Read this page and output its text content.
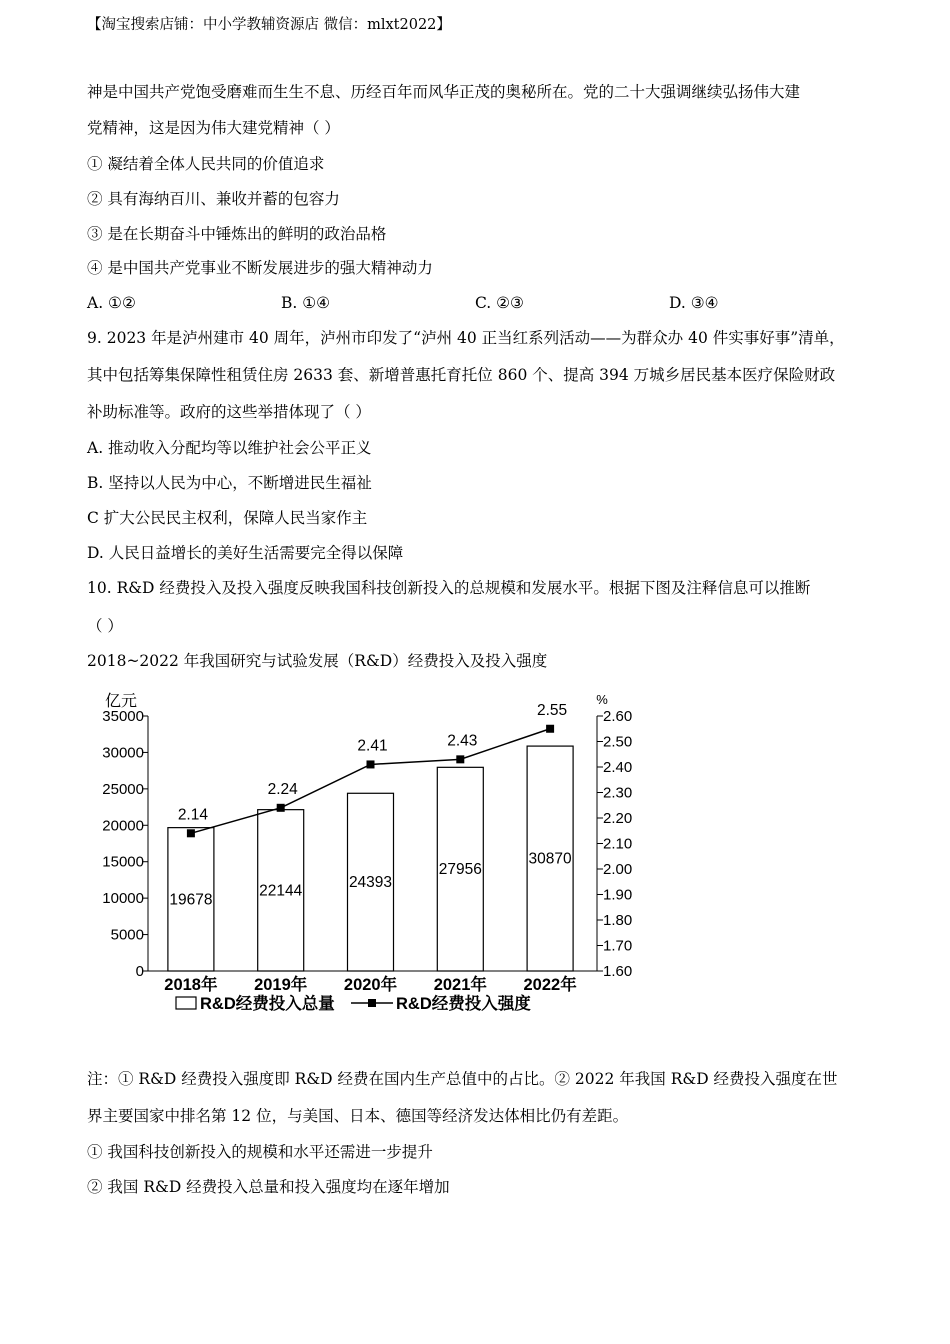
【淘宝搜索店铺：中小学教辅资源店 微信：mlxt2022】
神是中国共产党饱受磨难而生生不息、历经百年而风华正茂的奥秘所在。党的二十大强调继续弘扬伟大建
党精神，这是因为伟大建党精神（ ）
① 凝结着全体人民共同的价值追求
② 具有海纳百川、兼收并蓄的包容力
③ 是在长期奋斗中锤炼出的鲜明的政治品格
④ 是中国共产党事业不断发展进步的强大精神动力
A. ①②	B. ①④	C. ②③	D. ③④
9. 2023 年是泸州建市 40 周年，泸州市印发了“泸州 40 正当红系列活动——为群众办 40 件实事好事”清单，
其中包括筹集保障性租赁住房 2633 套、新增普惠托育托位 860 个、提高 394 万城乡居民基本医疗保险财政
补助标准等。政府的这些举措体现了（ ）
A. 推动收入分配均等以维护社会公平正义
B. 坚持以人民为中心，不断增进民生福祉
C 扩大公民民主权利，保障人民当家作主
D. 人民日益增长的美好生活需要完全得以保障
10. R&D 经费投入及投入强度反映我国科技创新投入的总规模和发展水平。根据下图及注释信息可以推断
（ ）
2018~2022 年我国研究与试验发展（R&D）经费投入及投入强度
0
5000
10000
15000
20000
25000
30000
35000
亿元
1.60
1.70
1.80
1.90
2.00
2.10
2.20
2.30
2.40
2.50
2.60
%
19678
22144	24393
27956
30870
2.14
2.24
2.41	2.43
2.55
2018年 2019年 2020年 2021年 2022年
R&D经费投入总量	R&D经费投入强度
注：① R&D 经费投入强度即 R&D 经费在国内生产总值中的占比。② 2022 年我国 R&D 经费投入强度在世
界主要国家中排名第 12 位，与美国、日本、德国等经济发达体相比仍有差距。
① 我国科技创新投入的规模和水平还需进一步提升
② 我国 R&D 经费投入总量和投入强度均在逐年增加
